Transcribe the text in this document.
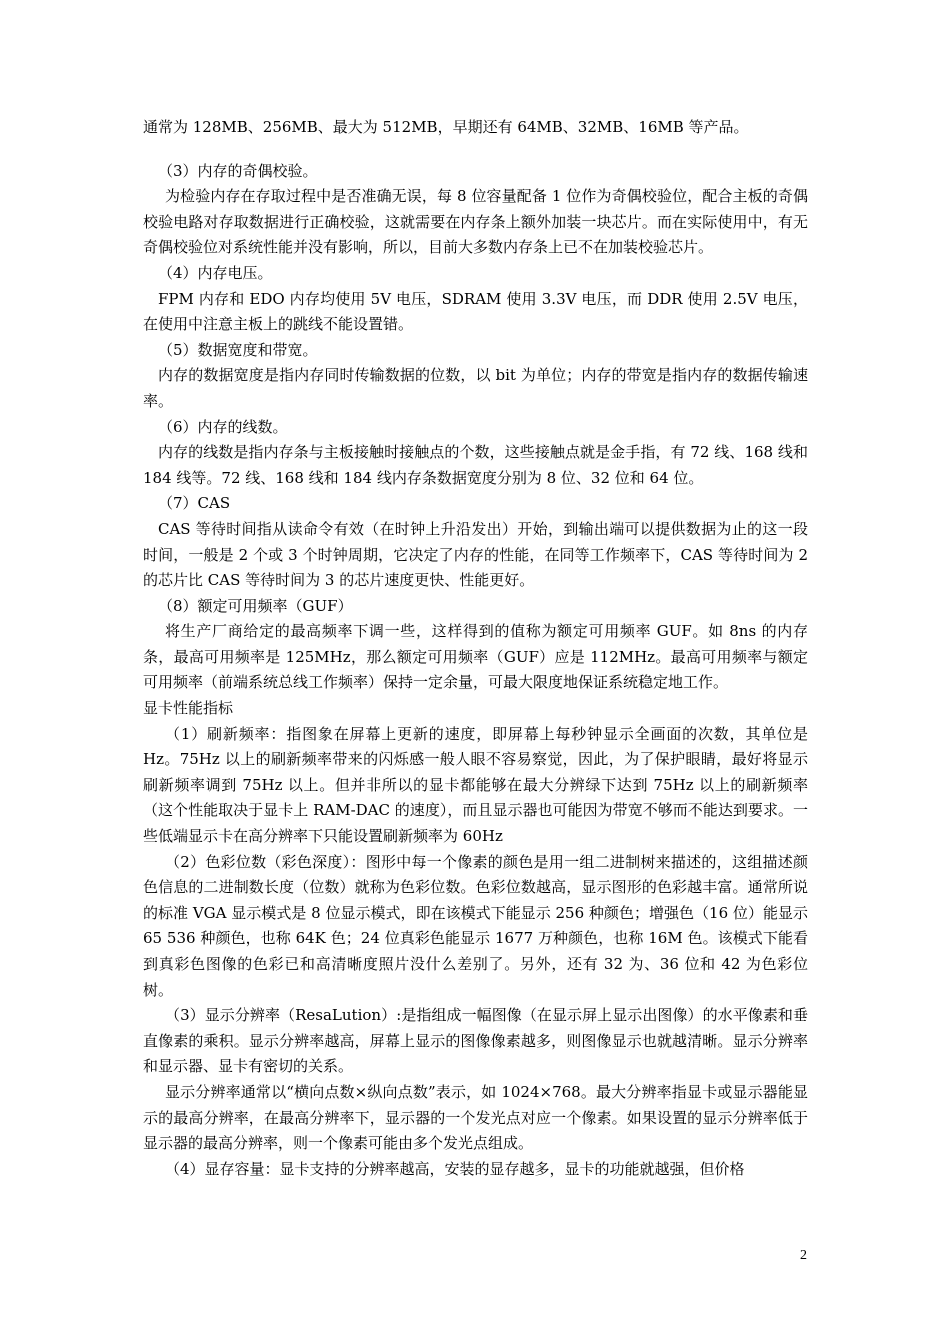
通常为 128MB、256MB、最大为 512MB，早期还有 64MB、32MB、16MB 等产品。

（3）内存的奇偶校验。

为检验内存在存取过程中是否准确无误，每 8 位容量配备 1 位作为奇偶校验位，配合主板的奇偶校验电路对存取数据进行正确校验，这就需要在内存条上额外加装一块芯片。而在实际使用中，有无奇偶校验位对系统性能并没有影响，所以，目前大多数内存条上已不在加装校验芯片。

（4）内存电压。

FPM 内存和 EDO 内存均使用 5V 电压，SDRAM 使用 3.3V 电压，而 DDR 使用 2.5V 电压，在使用中注意主板上的跳线不能设置错。

（5）数据宽度和带宽。

内存的数据宽度是指内存同时传输数据的位数，以 bit 为单位；内存的带宽是指内存的数据传输速率。

（6）内存的线数。

内存的线数是指内存条与主板接触时接触点的个数，这些接触点就是金手指，有 72 线、168 线和 184 线等。72 线、168 线和 184 线内存条数据宽度分别为 8 位、32 位和 64 位。

（7）CAS

CAS 等待时间指从读命令有效（在时钟上升沿发出）开始，到输出端可以提供数据为止的这一段时间，一般是 2 个或 3 个时钟周期，它决定了内存的性能，在同等工作频率下，CAS 等待时间为 2 的芯片比 CAS 等待时间为 3 的芯片速度更快、性能更好。

（8）额定可用频率（GUF）

将生产厂商给定的最高频率下调一些，这样得到的值称为额定可用频率 GUF。如 8ns 的内存条，最高可用频率是 125MHz，那么额定可用频率（GUF）应是 112MHz。最高可用频率与额定可用频率（前端系统总线工作频率）保持一定余量，可最大限度地保证系统稳定地工作。

显卡性能指标

（1）刷新频率：指图象在屏幕上更新的速度，即屏幕上每秒钟显示全画面的次数，其单位是 Hz。75Hz 以上的刷新频率带来的闪烁感一般人眼不容易察觉，因此，为了保护眼睛，最好将显示刷新频率调到 75Hz 以上。但并非所以的显卡都能够在最大分辨绿下达到 75Hz 以上的刷新频率（这个性能取决于显卡上 RAM-DAC 的速度），而且显示器也可能因为带宽不够而不能达到要求。一些低端显示卡在高分辨率下只能设置刷新频率为 60Hz

（2）色彩位数（彩色深度）：图形中每一个像素的颜色是用一组二进制树来描述的，这组描述颜色信息的二进制数长度（位数）就称为色彩位数。色彩位数越高，显示图形的色彩越丰富。通常所说的标准 VGA 显示模式是 8 位显示模式，即在该模式下能显示 256 种颜色；增强色（16 位）能显示 65 536 种颜色，也称 64K 色；24 位真彩色能显示 1677 万种颜色，也称 16M 色。该模式下能看到真彩色图像的色彩已和高清晰度照片没什么差别了。另外，还有 32 为、36 位和 42 为色彩位树。

（3）显示分辨率（ResaLution）:是指组成一幅图像（在显示屏上显示出图像）的水平像素和垂直像素的乘积。显示分辨率越高，屏幕上显示的图像像素越多，则图像显示也就越清晰。显示分辨率和显示器、显卡有密切的关系。

显示分辨率通常以“横向点数×纵向点数”表示，如 1024×768。最大分辨率指显卡或显示器能显示的最高分辨率，在最高分辨率下，显示器的一个发光点对应一个像素。如果设置的显示分辨率低于显示器的最高分辨率，则一个像素可能由多个发光点组成。

（4）显存容量：显卡支持的分辨率越高，安装的显存越多，显卡的功能就越强，但价格

2
